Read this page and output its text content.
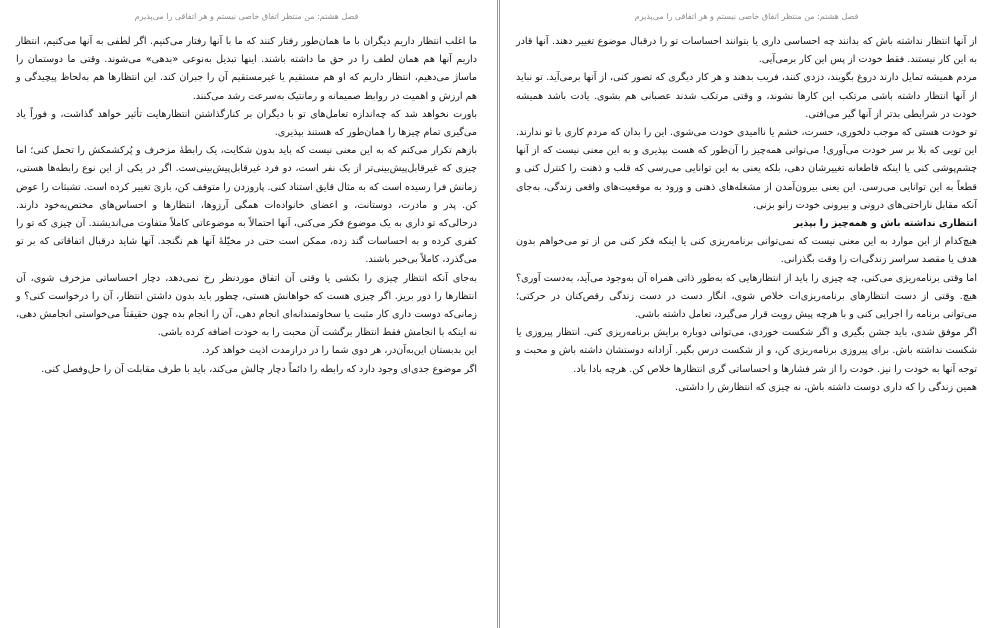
فصل هشتم: من منتظر اتفاق خاصی نیستم و هر اتفاقی را می‌پذیرم

ما اغلب انتظار داریم دیگران با ما همان‌طور رفتار کنند که ما با آنها رفتار می‌کنیم. اگر لطفی به آنها می‌کنیم، انتظار داریم آنها هم همان لطف را در حق ما داشته باشند. اینها تبدیل به‌نوعی «بدهی» می‌شوند. وقتی ما دوستمان را ماساژ می‌دهیم، انتظار داریم که او هم مستقیم یا غیرمستقیم آن را جبران کند. این انتظارها هم به‌لحاظ پیچیدگی و هم ارزش و اهمیت در روابط صمیمانه و رمانتیک به‌سرعت رشد می‌کنند.

باورت نخواهد شد که چه‌اندازه تعامل‌های تو با دیگران بر کنارگذاشتن انتظارهایت تأثیر خواهد گذاشت، و فوراً یاد می‌گیری تمام چیزها را همان‌طور که هستند بپذیری.

بازهم تکرار می‌کنم که به این معنی نیست که باید بدون شکایت، یک رابطهٔ مزخرف و پُرکشمکش را تحمل کنی؛ اما چیزی که غیرقابل‌پیش‌بینی‌تر از یک نفر است، دو فرد غیرقابل‌پیش‌بینی‌ست. اگر در یکی از این نوع رابطه‌ها هستی، زمانش فرا رسیده است که به مثال قایق استناد کنی. پاروزدن را متوقف کن، بازیَ تغییر کرده است. تشبثات را عوض کن. پدر و مادرت، دوستانت، و اعضای خانواده‌ات همگی آرزوها، انتظارها و احساس‌های مختص‌به‌خود دارند. درحالی‌که تو داری به یک موضوع فکر می‌کنی، آنها احتمالاً به موضوعاتی کاملاً متفاوت می‌اندیشند. آن چیزی که تو را کفری کرده و به احساسات گند زده، ممکن است حتی در مخیّلهٔ آنها هم نگنجد. آنها شاید درقبال اتفاقاتی که بر تو می‌گذرد، کاملاً بی‌خبر باشند.

به‌جای آنکه انتظار چیزی را بکشی یا وقتی آن اتفاق موردنظر رخ نمی‌دهد، دچار احساساتی مزخرف شوی، آن انتظارها را دور بریز. اگر چیزی هست که خواهانش هستی، چطور باید بدون داشتن انتظار، آن را درخواست کنی؟ و زمانی‌که دوست داری کار مثبت یا سخاوتمندانه‌ای انجام دهی، آن را انجام بده چون حقیقتاً می‌خواستی انجامش دهی، نه اینکه با انجامش فقط انتظار برگشت آن محبت را به خودت اضافه کرده باشی.

این بدبستان این‌به‌آن‌در، هر دوی شما را در درازمدت اذیت خواهد کرد.

اگر موضوع جدی‌ای وجود دارد که رابطه را دائماً دچار چالش می‌کند، باید با طرف مقابلت آن را حل‌وفصل کنی.

فصل هشتم: من منتظر اتفاق خاصی نیستم و هر اتفاقی را می‌پذیرم

از آنها انتظار نداشته باش که بدانند چه احساسی داری یا بتوانند احساسات تو را درقبال موضوع تغییر دهند. آنها قادر به این کار نیستند. فقط خودت از پس این کار برمی‌آیی.

مردم همیشه تمایل دارند دروغ بگویند، دزدی کنند، فریب بدهند و هر کار دیگری که تصور کنی، از آنها برمی‌آید. تو نباید از آنها انتظار داشته باشی مرتکب این کارها نشوند، و وقتی مرتکب شدند عصبانی هم بشوی. یادت باشد همیشه خودت در شرایطی بدتر از آنها گیر می‌افتی.

تو خودت هستی که موجب دلخوری، حسرت، خشم یا ناامیدی خودت می‌شوی. این را بدان که مردم کاری با تو ندارند. این تویی که بلا بر سر خودت می‌آوری! می‌توانی همه‌چیز را آن‌طور که هست بپذیری و به این معنی نیست که از آنها چشم‌پوشی کنی یا اینکه قاطعانه تغییرشان دهی، بلکه یعنی به این توانایی می‌رسی که قلب و ذهنت را کنترل کنی و قطعاً به این توانایی می‌رسی. این یعنی بیرون‌آمدن از مشغله‌های ذهنی و ورود به موقعیت‌های واقعی زندگی، به‌جای آنکه مقابل ناراحتی‌های درونی و بیرونی خودت زانو بزنی.

انتظاری نداشته باش و همه‌چیز را بپذیر

هیچ‌کدام از این موارد به این معنی نیست که نمی‌توانی برنامه‌ریزی کنی یا اینکه فکر کنی من از تو می‌خواهم بدون هدف یا مقصد سراسر زندگی‌ات را وقت بگذرانی.

اما وقتی برنامه‌ریزی می‌کنی، چه چیزی را باید از انتظارهایی که به‌طور ذاتی همراه آن به‌وجود می‌آید، به‌دست آوری؟ هیچ. وقتی از دست انتظارهای برنامه‌ریزی‌ات خلاص شوی، انگار دست در دست زندگی رقص‌کنان در حرکتی؛ می‌توانی برنامه را اجرایی کنی و با هرچه پیش رویت قرار می‌گیرد، تعامل داشته باشی.

اگر موفق شدی، باید جشن بگیری و اگر شکست خوردی، می‌توانی دوباره برایش برنامه‌ریزی کنی. انتظار پیروزی یا شکست نداشته باش. برای پیروزی برنامه‌ریزی کن، و از شکست درس بگیر. آزادانه دوستشان داشته باش و محبت و توجه آنها به خودت را نیز. خودت را از شر فشارها و احساساتی گری انتظارها خلاص کن. هرچه بادا باد.

همین زندگی را که داری دوست داشته باش، نه چیزی که انتظارش را داشتی.
